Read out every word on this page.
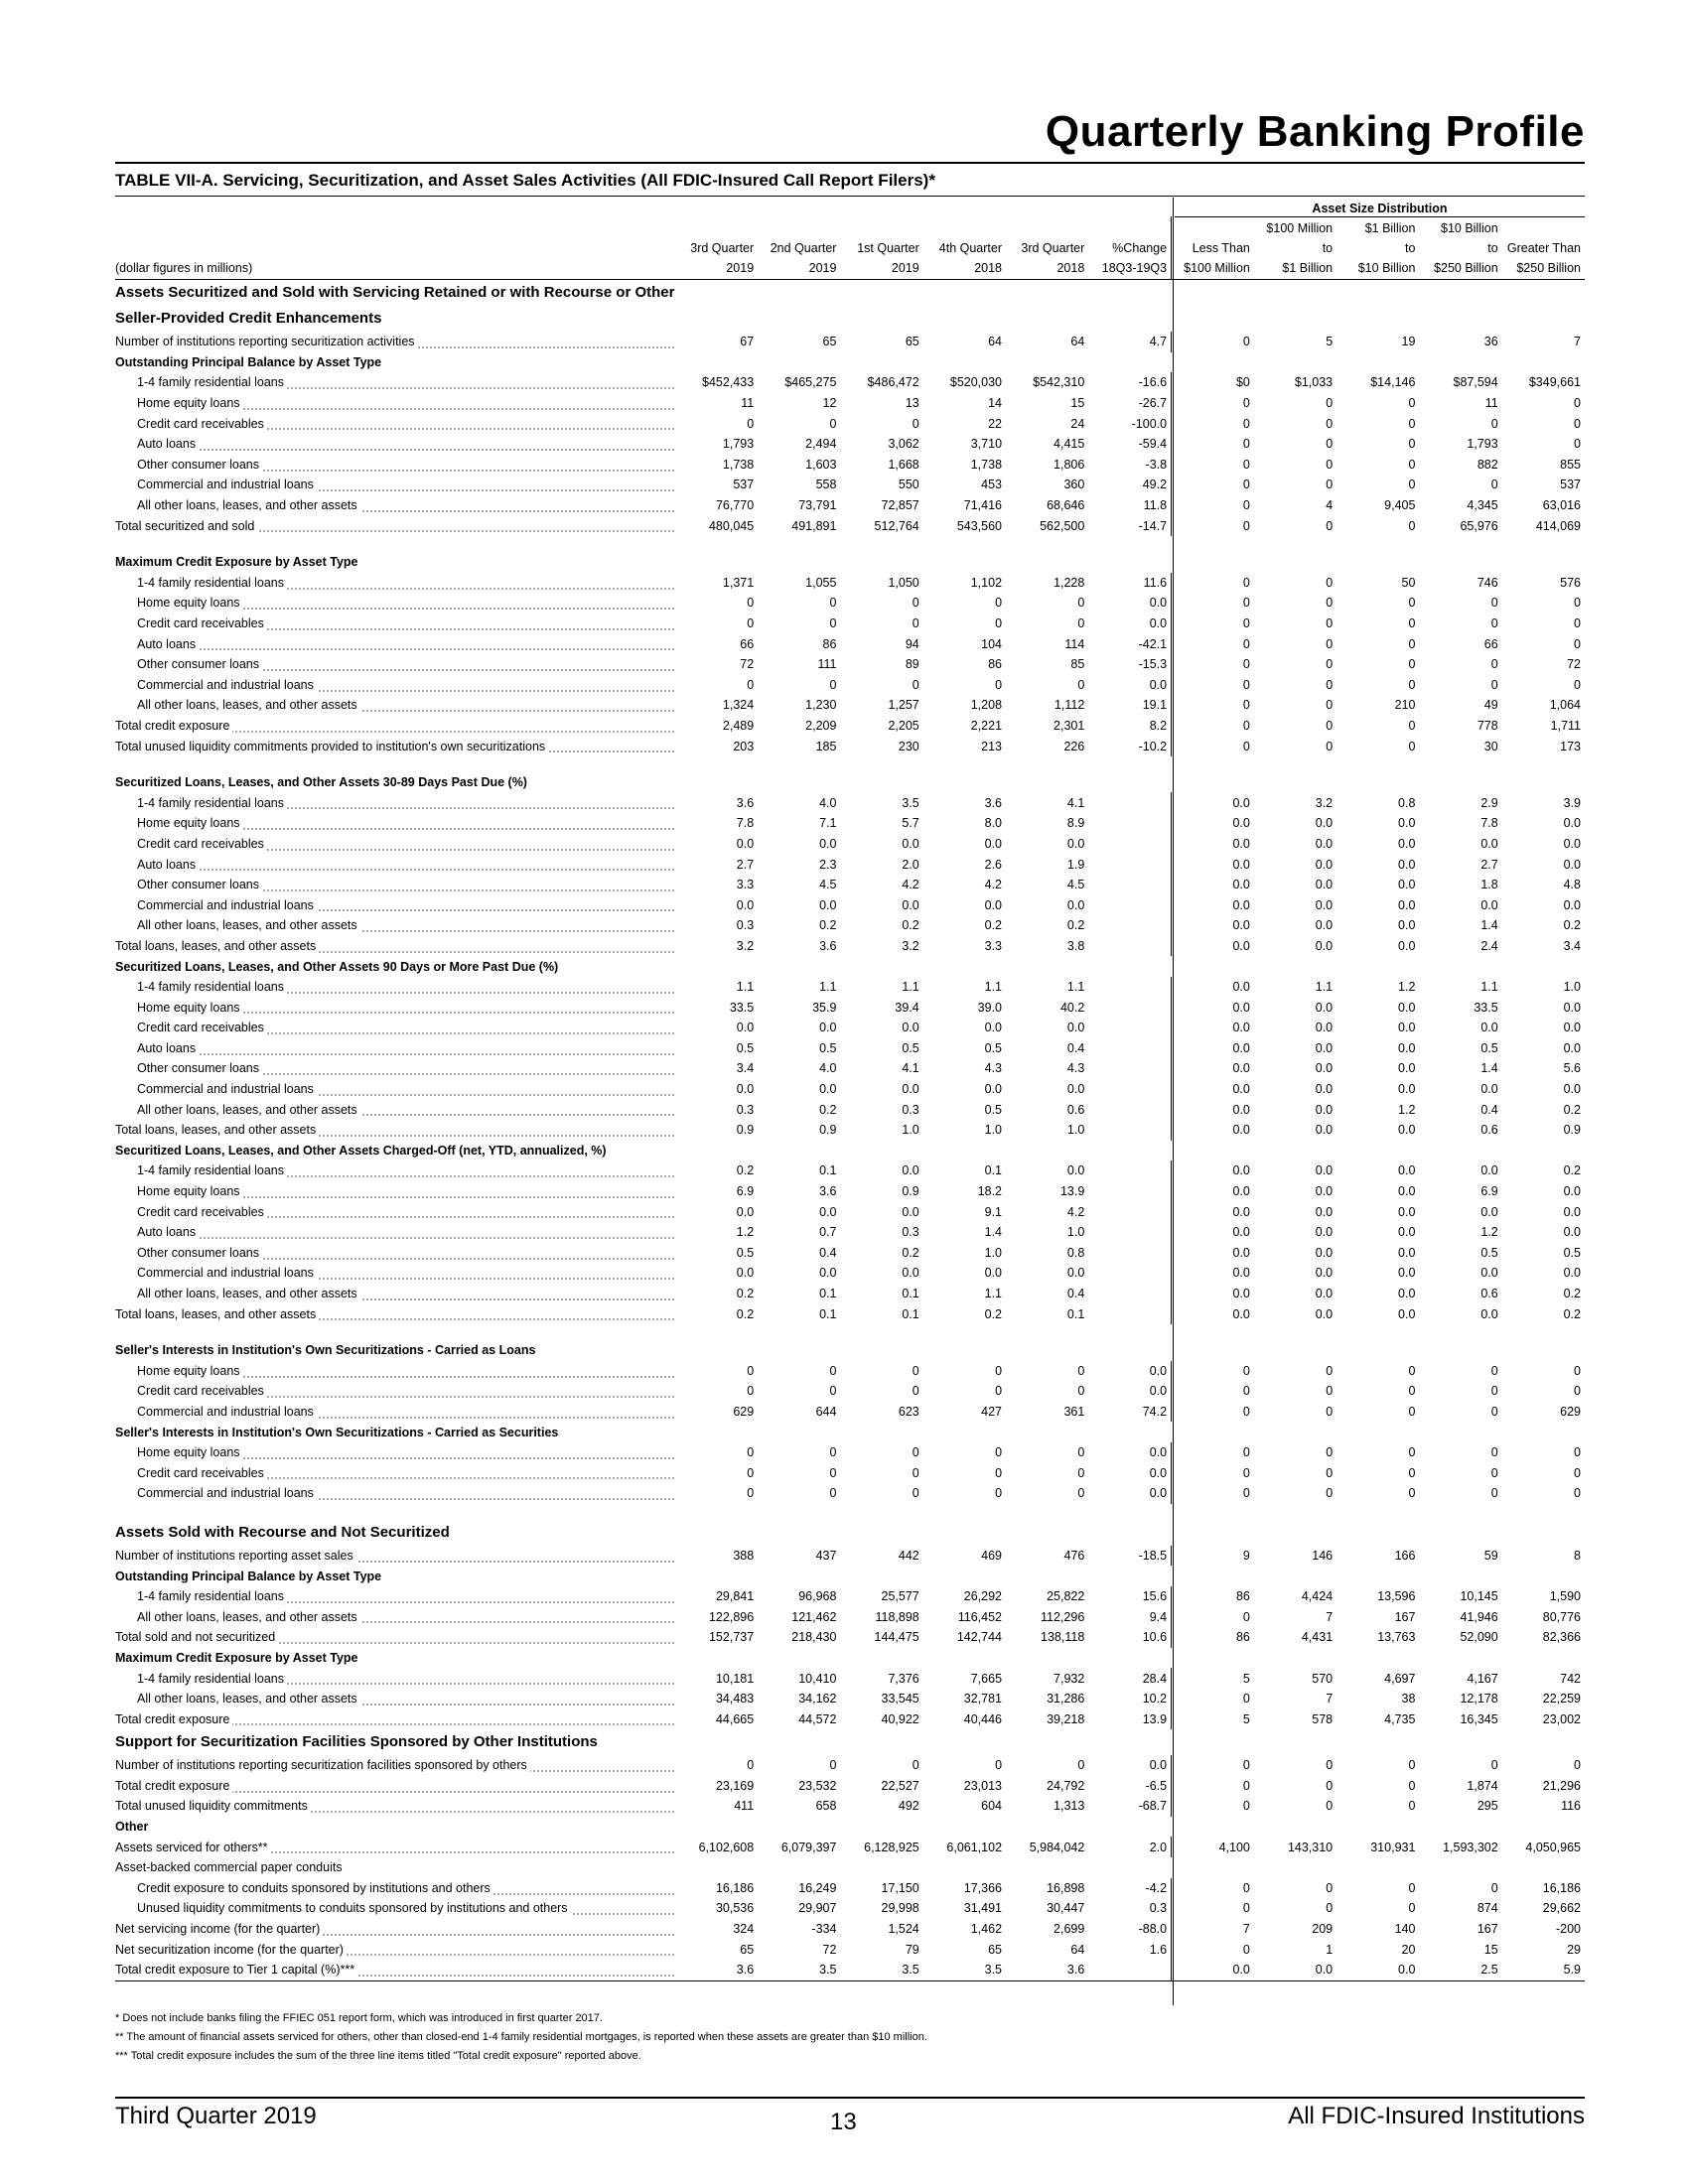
Quarterly Banking Profile
TABLE VII-A. Servicing, Securitization, and Asset Sales Activities (All FDIC-Insured Call Report Filers)*
Asset Size Distribution
								$100 Million	$1 Billion	$10 Billion	
	3rd Quarter	2nd Quarter	1st Quarter	4th Quarter	3rd Quarter	%Change	Less Than	to	to	to	Greater Than
(dollar figures in millions)	2019	2019	2019	2018	2018	18Q3-19Q3	$100 Million	$1 Billion	$10 Billion	$250 Billion	$250 Billion
Assets Securitized and Sold with Servicing Retained or with Recourse or Other											
Seller-Provided Credit Enhancements											
Number of institutions reporting securitization activities	67	65	65	64	64	4.7	0	5	19	36	7
Outstanding Principal Balance by Asset Type											
1-4 family residential loans	$452,433	$465,275	$486,472	$520,030	$542,310	-16.6	$0	$1,033	$14,146	$87,594	$349,661
Home equity loans	11	12	13	14	15	-26.7	0	0	0	11	0
Credit card receivables	0	0	0	22	24	-100.0	0	0	0	0	0
Auto loans	1,793	2,494	3,062	3,710	4,415	-59.4	0	0	0	1,793	0
Other consumer loans	1,738	1,603	1,668	1,738	1,806	-3.8	0	0	0	882	855
Commercial and industrial loans	537	558	550	453	360	49.2	0	0	0	0	537
All other loans, leases, and other assets	76,770	73,791	72,857	71,416	68,646	11.8	0	4	9,405	4,345	63,016
Total securitized and sold	480,045	491,891	512,764	543,560	562,500	-14.7	0	0	0	65,976	414,069

Maximum Credit Exposure by Asset Type											
1-4 family residential loans	1,371	1,055	1,050	1,102	1,228	11.6	0	0	50	746	576
Home equity loans	0	0	0	0	0	0.0	0	0	0	0	0
Credit card receivables	0	0	0	0	0	0.0	0	0	0	0	0
Auto loans	66	86	94	104	114	-42.1	0	0	0	66	0
Other consumer loans	72	111	89	86	85	-15.3	0	0	0	0	72
Commercial and industrial loans	0	0	0	0	0	0.0	0	0	0	0	0
All other loans, leases, and other assets	1,324	1,230	1,257	1,208	1,112	19.1	0	0	210	49	1,064
Total credit exposure	2,489	2,209	2,205	2,221	2,301	8.2	0	0	0	778	1,711
Total unused liquidity commitments provided to institution's own securitizations	203	185	230	213	226	-10.2	0	0	0	30	173

Securitized Loans, Leases, and Other Assets 30-89 Days Past Due (%)											
1-4 family residential loans	3.6	4.0	3.5	3.6	4.1		0.0	3.2	0.8	2.9	3.9
Home equity loans	7.8	7.1	5.7	8.0	8.9		0.0	0.0	0.0	7.8	0.0
Credit card receivables	0.0	0.0	0.0	0.0	0.0		0.0	0.0	0.0	0.0	0.0
Auto loans	2.7	2.3	2.0	2.6	1.9		0.0	0.0	0.0	2.7	0.0
Other consumer loans	3.3	4.5	4.2	4.2	4.5		0.0	0.0	0.0	1.8	4.8
Commercial and industrial loans	0.0	0.0	0.0	0.0	0.0		0.0	0.0	0.0	0.0	0.0
All other loans, leases, and other assets	0.3	0.2	0.2	0.2	0.2		0.0	0.0	0.0	1.4	0.2
Total loans, leases, and other assets	3.2	3.6	3.2	3.3	3.8		0.0	0.0	0.0	2.4	3.4
Securitized Loans, Leases, and Other Assets 90 Days or More Past Due (%)											
1-4 family residential loans	1.1	1.1	1.1	1.1	1.1		0.0	1.1	1.2	1.1	1.0
Home equity loans	33.5	35.9	39.4	39.0	40.2		0.0	0.0	0.0	33.5	0.0
Credit card receivables	0.0	0.0	0.0	0.0	0.0		0.0	0.0	0.0	0.0	0.0
Auto loans	0.5	0.5	0.5	0.5	0.4		0.0	0.0	0.0	0.5	0.0
Other consumer loans	3.4	4.0	4.1	4.3	4.3		0.0	0.0	0.0	1.4	5.6
Commercial and industrial loans	0.0	0.0	0.0	0.0	0.0		0.0	0.0	0.0	0.0	0.0
All other loans, leases, and other assets	0.3	0.2	0.3	0.5	0.6		0.0	0.0	1.2	0.4	0.2
Total loans, leases, and other assets	0.9	0.9	1.0	1.0	1.0		0.0	0.0	0.0	0.6	0.9
Securitized Loans, Leases, and Other Assets Charged-Off (net, YTD, annualized, %)											
1-4 family residential loans	0.2	0.1	0.0	0.1	0.0		0.0	0.0	0.0	0.0	0.2
Home equity loans	6.9	3.6	0.9	18.2	13.9		0.0	0.0	0.0	6.9	0.0
Credit card receivables	0.0	0.0	0.0	9.1	4.2		0.0	0.0	0.0	0.0	0.0
Auto loans	1.2	0.7	0.3	1.4	1.0		0.0	0.0	0.0	1.2	0.0
Other consumer loans	0.5	0.4	0.2	1.0	0.8		0.0	0.0	0.0	0.5	0.5
Commercial and industrial loans	0.0	0.0	0.0	0.0	0.0		0.0	0.0	0.0	0.0	0.0
All other loans, leases, and other assets	0.2	0.1	0.1	1.1	0.4		0.0	0.0	0.0	0.6	0.2
Total loans, leases, and other assets	0.2	0.1	0.1	0.2	0.1		0.0	0.0	0.0	0.0	0.2

Seller's Interests in Institution's Own Securitizations - Carried as Loans											
Home equity loans	0	0	0	0	0	0.0	0	0	0	0	0
Credit card receivables	0	0	0	0	0	0.0	0	0	0	0	0
Commercial and industrial loans	629	644	623	427	361	74.2	0	0	0	0	629
Seller's Interests in Institution's Own Securitizations - Carried as Securities											
Home equity loans	0	0	0	0	0	0.0	0	0	0	0	0
Credit card receivables	0	0	0	0	0	0.0	0	0	0	0	0
Commercial and industrial loans	0	0	0	0	0	0.0	0	0	0	0	0

Assets Sold with Recourse and Not Securitized											
Number of institutions reporting asset sales	388	437	442	469	476	-18.5	9	146	166	59	8
Outstanding Principal Balance by Asset Type											
1-4 family residential loans	29,841	96,968	25,577	26,292	25,822	15.6	86	4,424	13,596	10,145	1,590
All other loans, leases, and other assets	122,896	121,462	118,898	116,452	112,296	9.4	0	7	167	41,946	80,776
Total sold and not securitized	152,737	218,430	144,475	142,744	138,118	10.6	86	4,431	13,763	52,090	82,366
Maximum Credit Exposure by Asset Type											
1-4 family residential loans	10,181	10,410	7,376	7,665	7,932	28.4	5	570	4,697	4,167	742
All other loans, leases, and other assets	34,483	34,162	33,545	32,781	31,286	10.2	0	7	38	12,178	22,259
Total credit exposure	44,665	44,572	40,922	40,446	39,218	13.9	5	578	4,735	16,345	23,002
Support for Securitization Facilities Sponsored by Other Institutions											
Number of institutions reporting securitization facilities sponsored by others	0	0	0	0	0	0.0	0	0	0	0	0
Total credit exposure	23,169	23,532	22,527	23,013	24,792	-6.5	0	0	0	1,874	21,296
Total unused liquidity commitments	411	658	492	604	1,313	-68.7	0	0	0	295	116
Other											
Assets serviced for others**	6,102,608	6,079,397	6,128,925	6,061,102	5,984,042	2.0	4,100	143,310	310,931	1,593,302	4,050,965
Asset-backed commercial paper conduits											
Credit exposure to conduits sponsored by institutions and others	16,186	16,249	17,150	17,366	16,898	-4.2	0	0	0	0	16,186
Unused liquidity commitments to conduits sponsored by institutions and others	30,536	29,907	29,998	31,491	30,447	0.3	0	0	0	874	29,662
Net servicing income (for the quarter)	324	-334	1,524	1,462	2,699	-88.0	7	209	140	167	-200
Net securitization income (for the quarter)	65	72	79	65	64	1.6	0	1	20	15	29
Total credit exposure to Tier 1 capital (%)***	3.6	3.5	3.5	3.5	3.6		0.0	0.0	0.0	2.5	5.9
* Does not include banks filing the FFIEC 051 report form, which was introduced in first quarter 2017.
** The amount of financial assets serviced for others, other than closed-end 1-4 family residential mortgages, is reported when these assets are greater than $10 million.
*** Total credit exposure includes the sum of the three line items titled "Total credit exposure" reported above.
Third Quarter 2019	13	All FDIC-Insured Institutions
